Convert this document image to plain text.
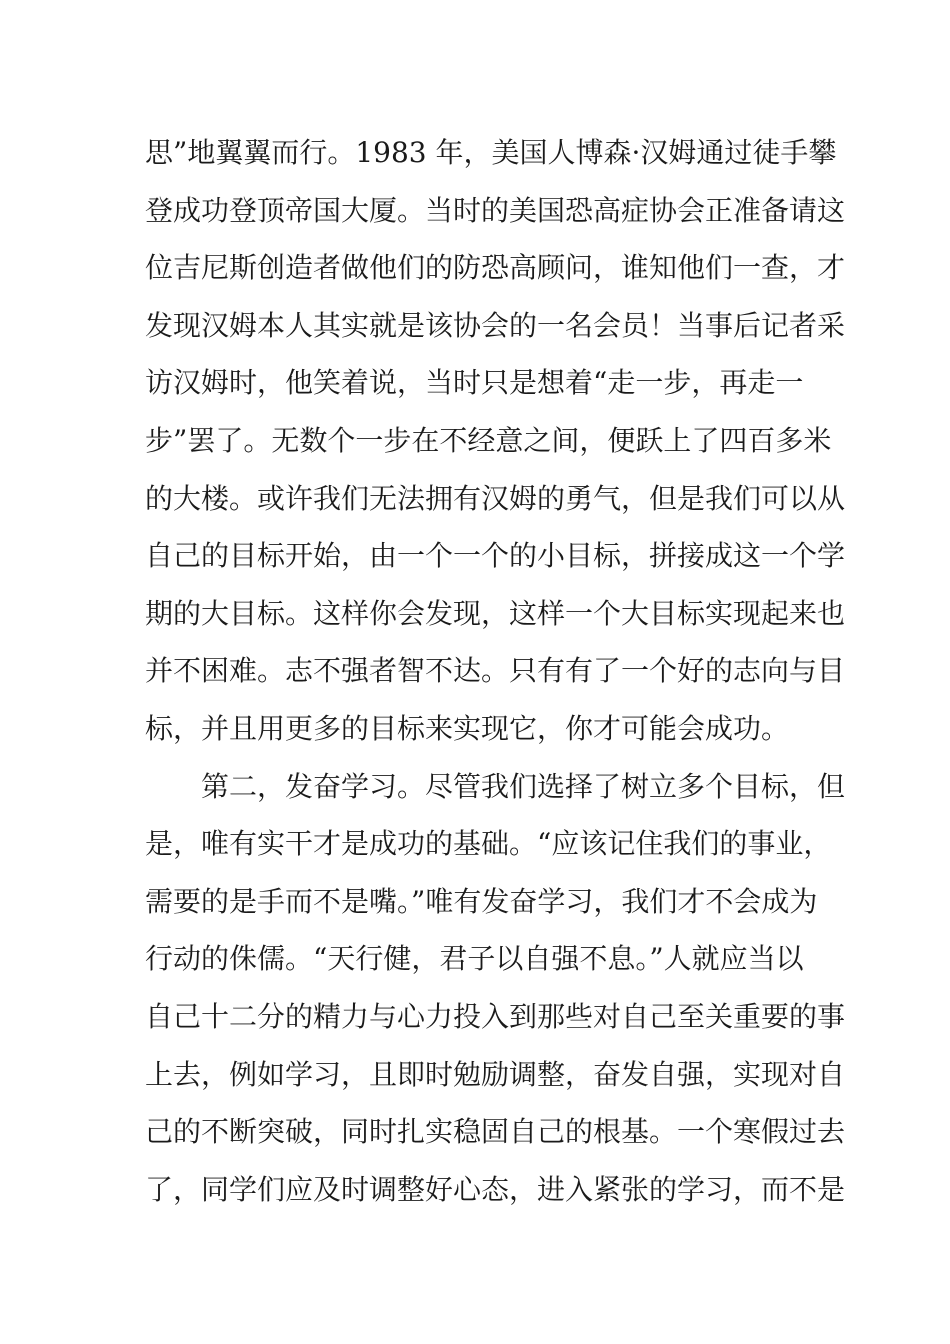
思”地翼翼而行。1983 年，美国人博森·汉姆通过徒手攀
登成功登顶帝国大厦。当时的美国恐高症协会正准备请这
位吉尼斯创造者做他们的防恐高顾问，谁知他们一查，才
发现汉姆本人其实就是该协会的一名会员！当事后记者采
访汉姆时，他笑着说，当时只是想着“走一步，再走一
步”罢了。无数个一步在不经意之间，便跃上了四百多米
的大楼。或许我们无法拥有汉姆的勇气，但是我们可以从
自己的目标开始，由一个一个的小目标，拼接成这一个学
期的大目标。这样你会发现，这样一个大目标实现起来也
并不困难。志不强者智不达。只有有了一个好的志向与目
标，并且用更多的目标来实现它，你才可能会成功。
第二，发奋学习。尽管我们选择了树立多个目标，但
是，唯有实干才是成功的基础。“应该记住我们的事业，
需要的是手而不是嘴。”唯有发奋学习，我们才不会成为
行动的侏儒。“天行健，君子以自强不息。”人就应当以
自己十二分的精力与心力投入到那些对自己至关重要的事
上去，例如学习，且即时勉励调整，奋发自强，实现对自
己的不断突破，同时扎实稳固自己的根基。一个寒假过去
了，同学们应及时调整好心态，进入紧张的学习，而不是
